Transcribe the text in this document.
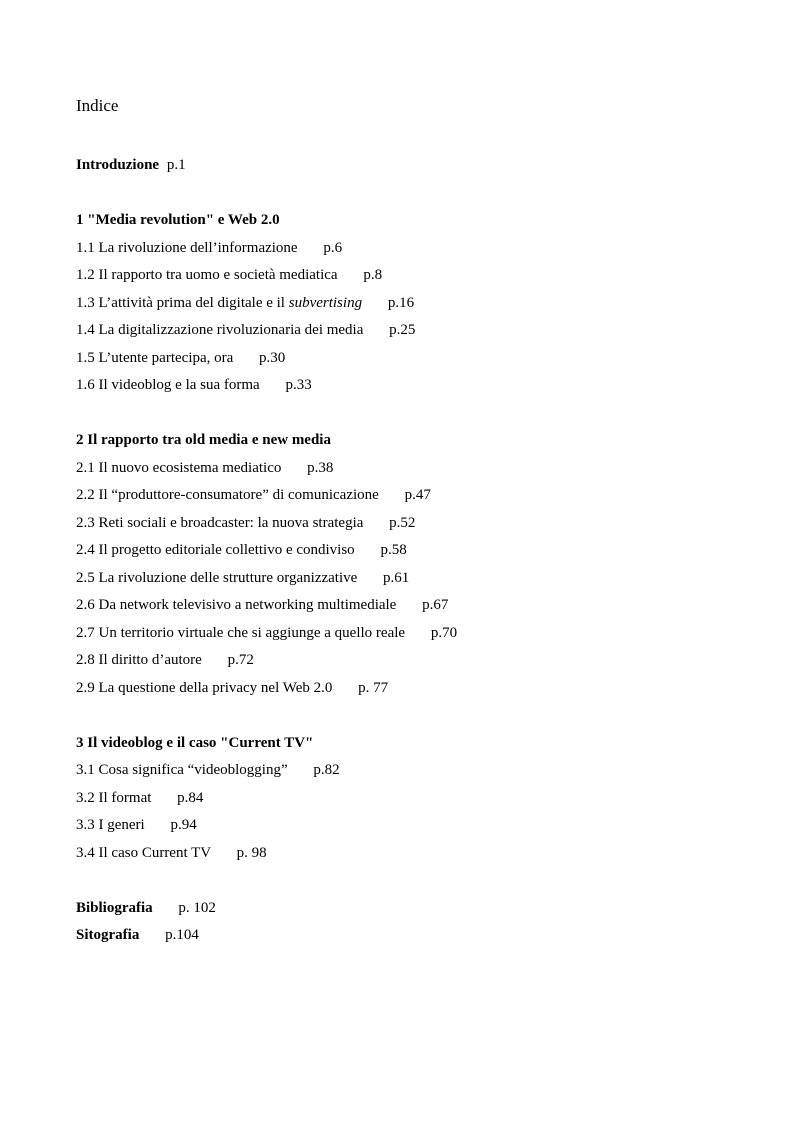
Indice
Introduzione p.1
1 "Media revolution" e Web 2.0
1.1 La rivoluzione dell’informazione p.6
1.2 Il rapporto tra uomo e società mediatica p.8
1.3 L’attività prima del digitale e il subvertising p.16
1.4 La digitalizzazione rivoluzionaria dei media p.25
1.5 L’utente partecipa, ora p.30
1.6 Il videoblog e la sua forma p.33
2 Il rapporto tra old media e new media
2.1 Il nuovo ecosistema mediatico p.38
2.2 Il “produttore-consumatore” di comunicazione p.47
2.3 Reti sociali e broadcaster: la nuova strategia p.52
2.4 Il progetto editoriale collettivo e condiviso p.58
2.5 La rivoluzione delle strutture organizzative p.61
2.6 Da network televisivo a networking multimediale p.67
2.7 Un territorio virtuale che si aggiunge a quello reale p.70
2.8 Il diritto d’autore p.72
2.9 La questione della privacy nel Web 2.0 p. 77
3 Il videoblog e il caso "Current TV"
3.1 Cosa significa “videoblogging” p.82
3.2 Il format p.84
3.3 I generi p.94
3.4 Il caso Current TV p. 98
Bibliografia p. 102
Sitografia p.104
